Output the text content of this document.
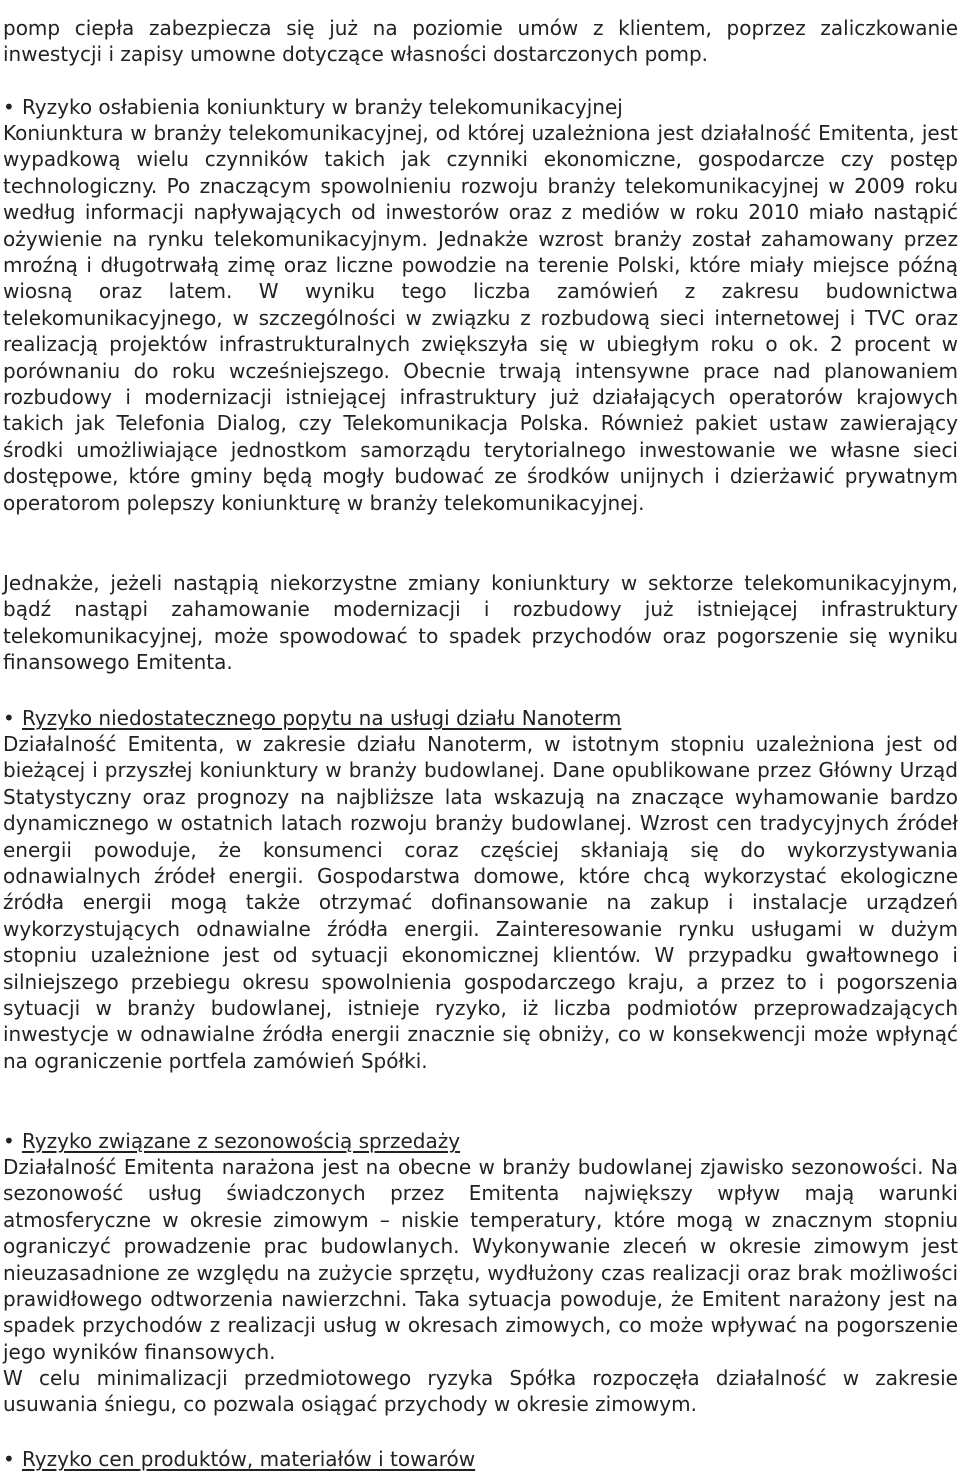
pomp ciepła zabezpiecza się już na poziomie umów z klientem, poprzez zaliczkowanie inwestycji i zapisy umowne dotyczące własności dostarczonych pomp.

• Ryzyko osłabienia koniunktury w branży telekomunikacyjnej

Koniunktura w branży telekomunikacyjnej, od której uzależniona jest działalność Emitenta, jest wypadkową wielu czynników takich jak czynniki ekonomiczne, gospodarcze czy postęp technologiczny. Po znaczącym spowolnieniu rozwoju branży telekomunikacyjnej w 2009 roku według informacji napływających od inwestorów oraz z mediów w roku 2010 miało nastąpić ożywienie na rynku telekomunikacyjnym. Jednakże wzrost branży został zahamowany przez mroźną i długotrwałą zimę oraz liczne powodzie na terenie Polski, które miały miejsce późną wiosną oraz latem. W wyniku tego liczba zamówień z zakresu budownictwa telekomunikacyjnego, w szczególności w związku z rozbudową sieci internetowej i TVC oraz realizacją projektów infrastrukturalnych zwiększyła się w ubiegłym roku o ok. 2 procent w porównaniu do roku wcześniejszego. Obecnie trwają intensywne prace nad planowaniem rozbudowy i modernizacji istniejącej infrastruktury już działających operatorów krajowych takich jak Telefonia Dialog, czy Telekomunikacja Polska. Również pakiet ustaw zawierający środki umożliwiające jednostkom samorządu terytorialnego inwestowanie we własne sieci dostępowe, które gminy będą mogły budować ze środków unijnych i dzierżawić prywatnym operatorom polepszy koniunkturę w branży telekomunikacyjnej.

Jednakże, jeżeli nastąpią niekorzystne zmiany koniunktury w sektorze telekomunikacyjnym, bądź nastąpi zahamowanie modernizacji i rozbudowy już istniejącej infrastruktury telekomunikacyjnej, może spowodować to spadek przychodów oraz pogorszenie się wyniku finansowego Emitenta.

• Ryzyko niedostatecznego popytu na usługi działu Nanoterm

Działalność Emitenta, w zakresie działu Nanoterm, w istotnym stopniu uzależniona jest od bieżącej i przyszłej koniunktury w branży budowlanej. Dane opublikowane przez Główny Urząd Statystyczny oraz prognozy na najbliższe lata wskazują na znaczące wyhamowanie bardzo dynamicznego w ostatnich latach rozwoju branży budowlanej. Wzrost cen tradycyjnych źródeł energii powoduje, że konsumenci coraz częściej skłaniają się do wykorzystywania odnawialnych źródeł energii. Gospodarstwa domowe, które chcą wykorzystać ekologiczne źródła energii mogą także otrzymać dofinansowanie na zakup i instalacje urządzeń wykorzystujących odnawialne źródła energii. Zainteresowanie rynku usługami w dużym stopniu uzależnione jest od sytuacji ekonomicznej klientów. W przypadku gwałtownego i silniejszego przebiegu okresu spowolnienia gospodarczego kraju, a przez to i pogorszenia sytuacji w branży budowlanej, istnieje ryzyko, iż liczba podmiotów przeprowadzających inwestycje w odnawialne źródła energii znacznie się obniży, co w konsekwencji może wpłynąć na ograniczenie portfela zamówień Spółki.

• Ryzyko związane z sezonowością sprzedaży

Działalność Emitenta narażona jest na obecne w branży budowlanej zjawisko sezonowości. Na sezonowość usług świadczonych przez Emitenta największy wpływ mają warunki atmosferyczne w okresie zimowym – niskie temperatury, które mogą w znacznym stopniu ograniczyć prowadzenie prac budowlanych. Wykonywanie zleceń w okresie zimowym jest nieuzasadnione ze względu na zużycie sprzętu, wydłużony czas realizacji oraz brak możliwości prawidłowego odtworzenia nawierzchni. Taka sytuacja powoduje, że Emitent narażony jest na spadek przychodów z realizacji usług w okresach zimowych, co może wpływać na pogorszenie jego wyników finansowych.

W celu minimalizacji przedmiotowego ryzyka Spółka rozpoczęła działalność w zakresie usuwania śniegu, co pozwala osiągać przychody w okresie zimowym.

• Ryzyko cen produktów, materiałów i towarów
